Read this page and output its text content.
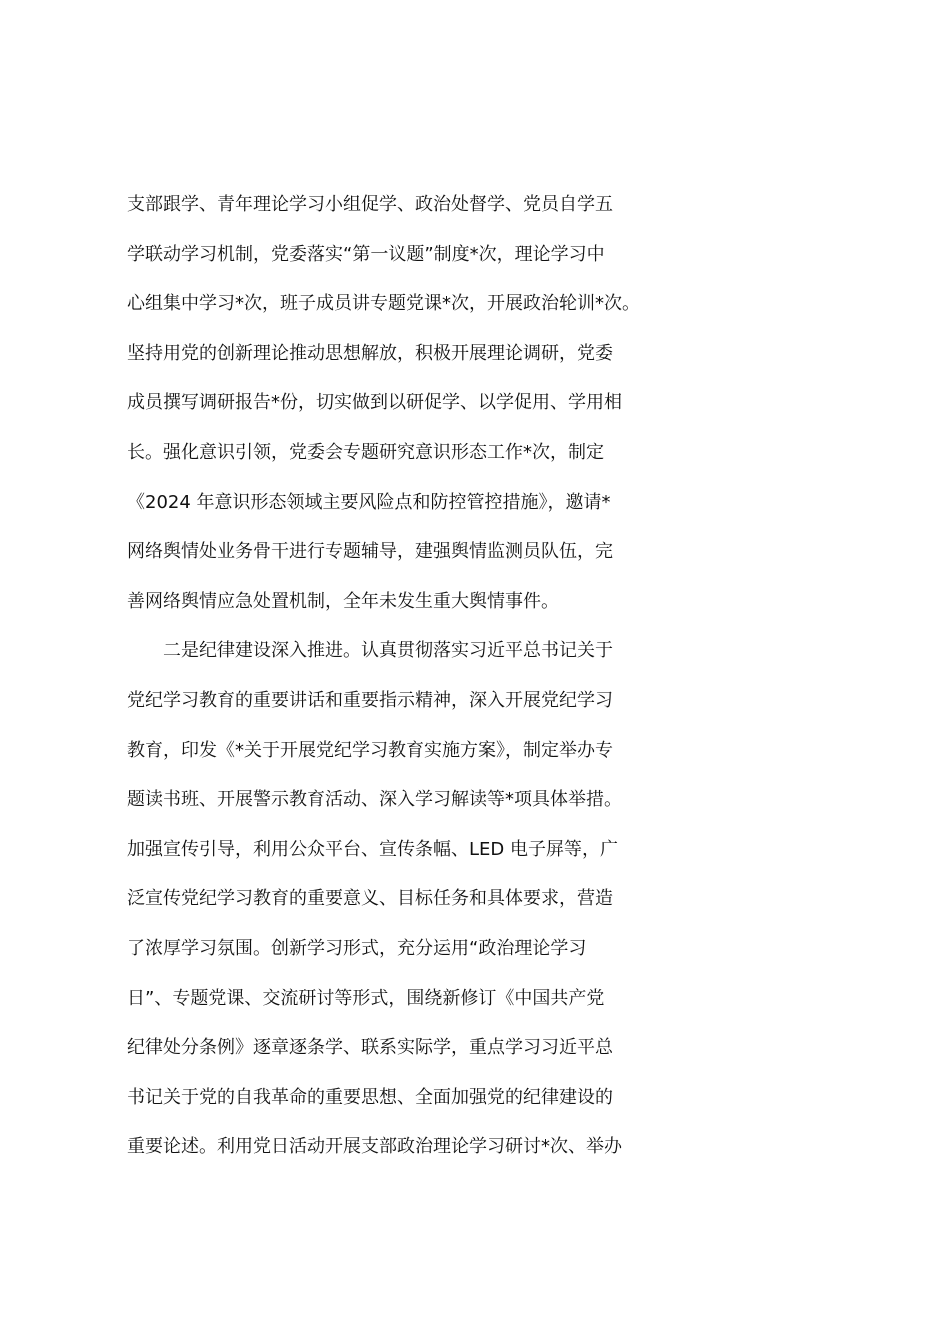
支部跟学、青年理论学习小组促学、政治处督学、党员自学五
学联动学习机制，党委落实“第一议题”制度*次，理论学习中
心组集中学习*次，班子成员讲专题党课*次，开展政治轮训*次。
坚持用党的创新理论推动思想解放，积极开展理论调研，党委
成员撰写调研报告*份，切实做到以研促学、以学促用、学用相
长。强化意识引领，党委会专题研究意识形态工作*次，制定
《2024 年意识形态领域主要风险点和防控管控措施》，邀请*
网络舆情处业务骨干进行专题辅导，建强舆情监测员队伍，完
善网络舆情应急处置机制，全年未发生重大舆情事件。
　　二是纪律建设深入推进。认真贯彻落实习近平总书记关于
党纪学习教育的重要讲话和重要指示精神，深入开展党纪学习
教育，印发《*关于开展党纪学习教育实施方案》，制定举办专
题读书班、开展警示教育活动、深入学习解读等*项具体举措。
加强宣传引导，利用公众平台、宣传条幅、LED 电子屏等，广
泛宣传党纪学习教育的重要意义、目标任务和具体要求，营造
了浓厚学习氛围。创新学习形式，充分运用“政治理论学习
日”、专题党课、交流研讨等形式，围绕新修订《中国共产党
纪律处分条例》逐章逐条学、联系实际学，重点学习习近平总
书记关于党的自我革命的重要思想、全面加强党的纪律建设的
重要论述。利用党日活动开展支部政治理论学习研讨*次、举办
